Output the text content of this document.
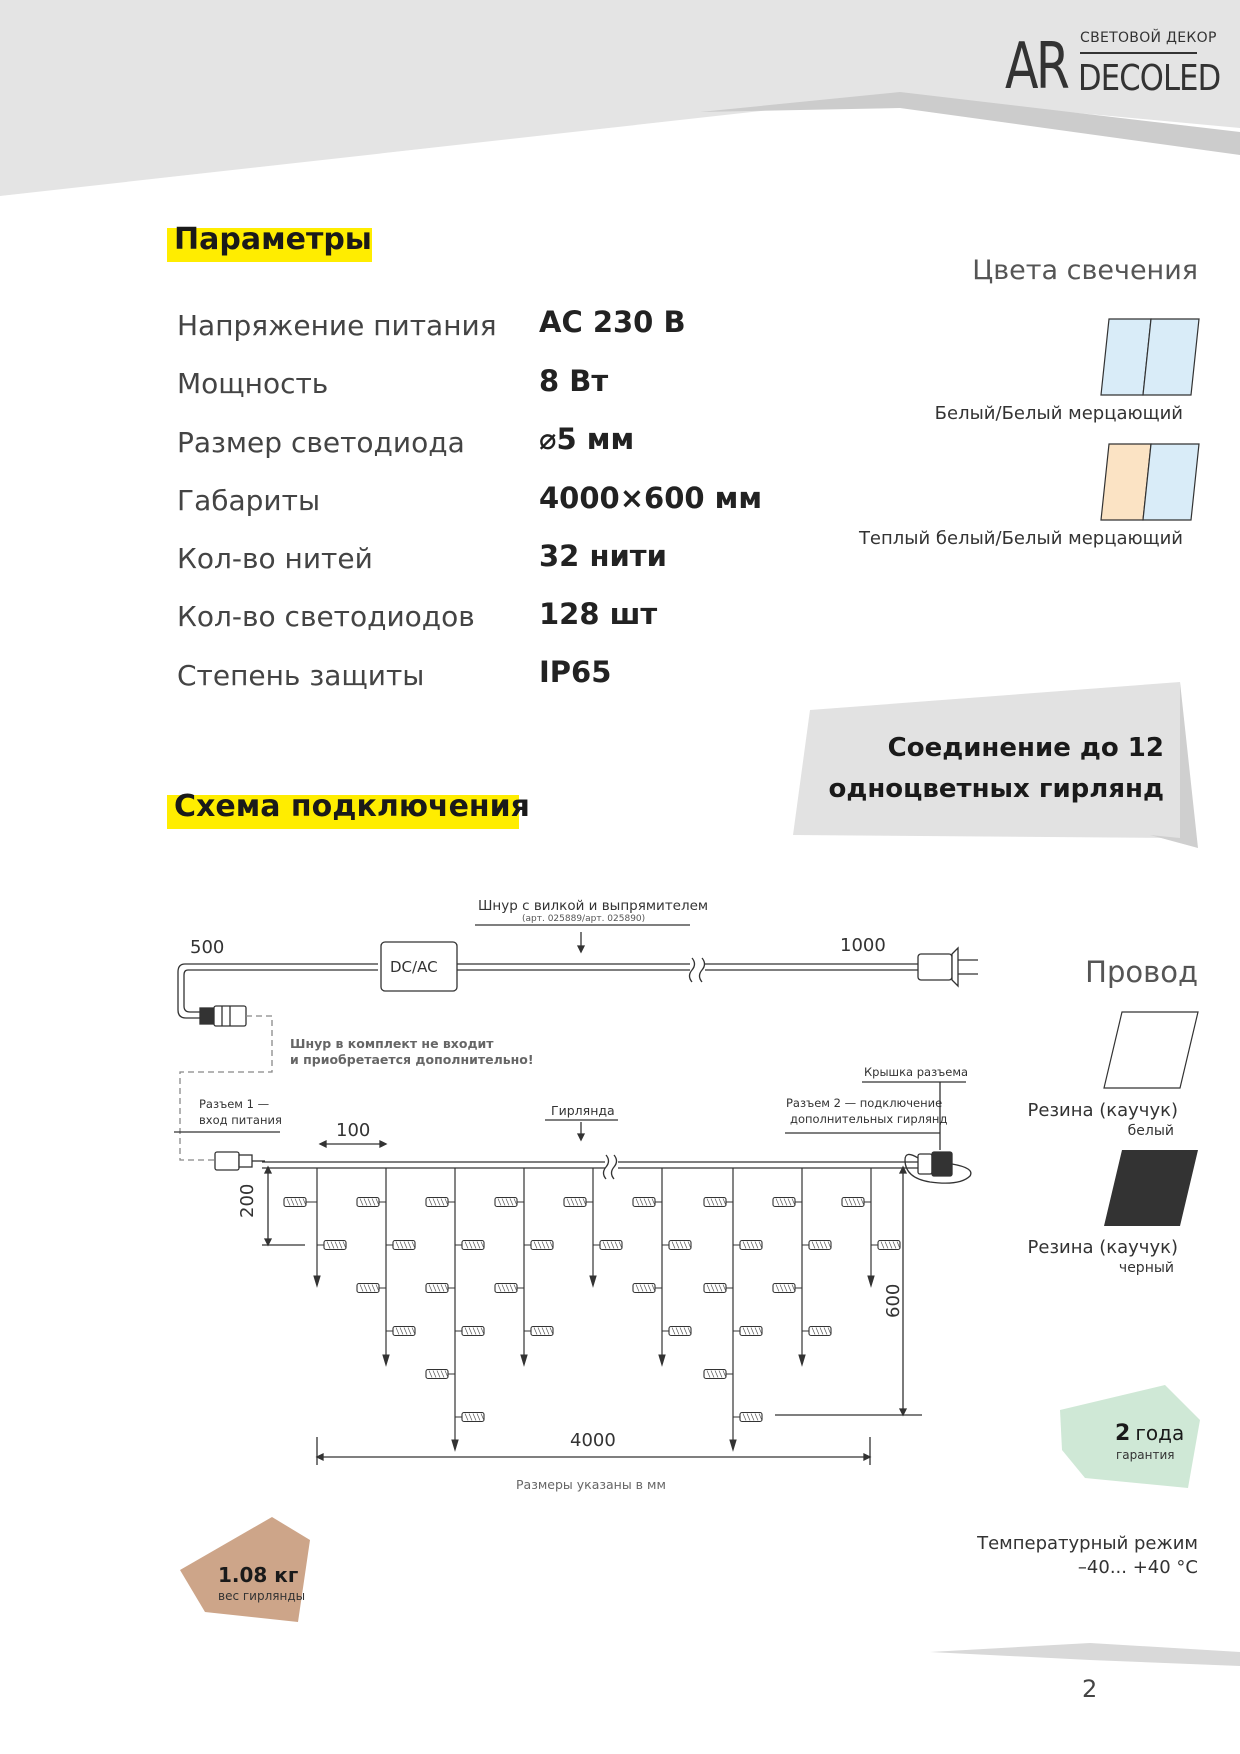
СВЕТОВОЙ ДЕКОР
AR DECOLED
Параметры
Напряжение питания AC 230 В
Мощность	8 Вт
Размер светодиода	⌀5 мм
Габариты	4000×600 мм
Кол-во нитей	32 нити
Кол-во светодиодов 128 шт
Степень защиты	IP65
Цвета свечения
Белый/Белый мерцающий
Теплый белый/Белый мерцающий
Соединение до 12
одноцветных гирлянд
Схема подключения
Шнур с вилкой и выпрямителем
(арт. 025889/арт. 025890)
DC/AC
500	1000
Шнур в комплект не входит
и приобретается дополнительно!
Разъем 1 —
вход питания
Гирлянда	Разъем 2 — подключение
дополнительных гирлянд
Крышка разъема
100
200
600
4000
Размеры указаны в мм
Провод
Резина (каучук)
белый
Резина (каучук)
черный
2 года
гарантия
1.08 кг
вес гирлянды
Температурный режим
–40... +40 °C
2
